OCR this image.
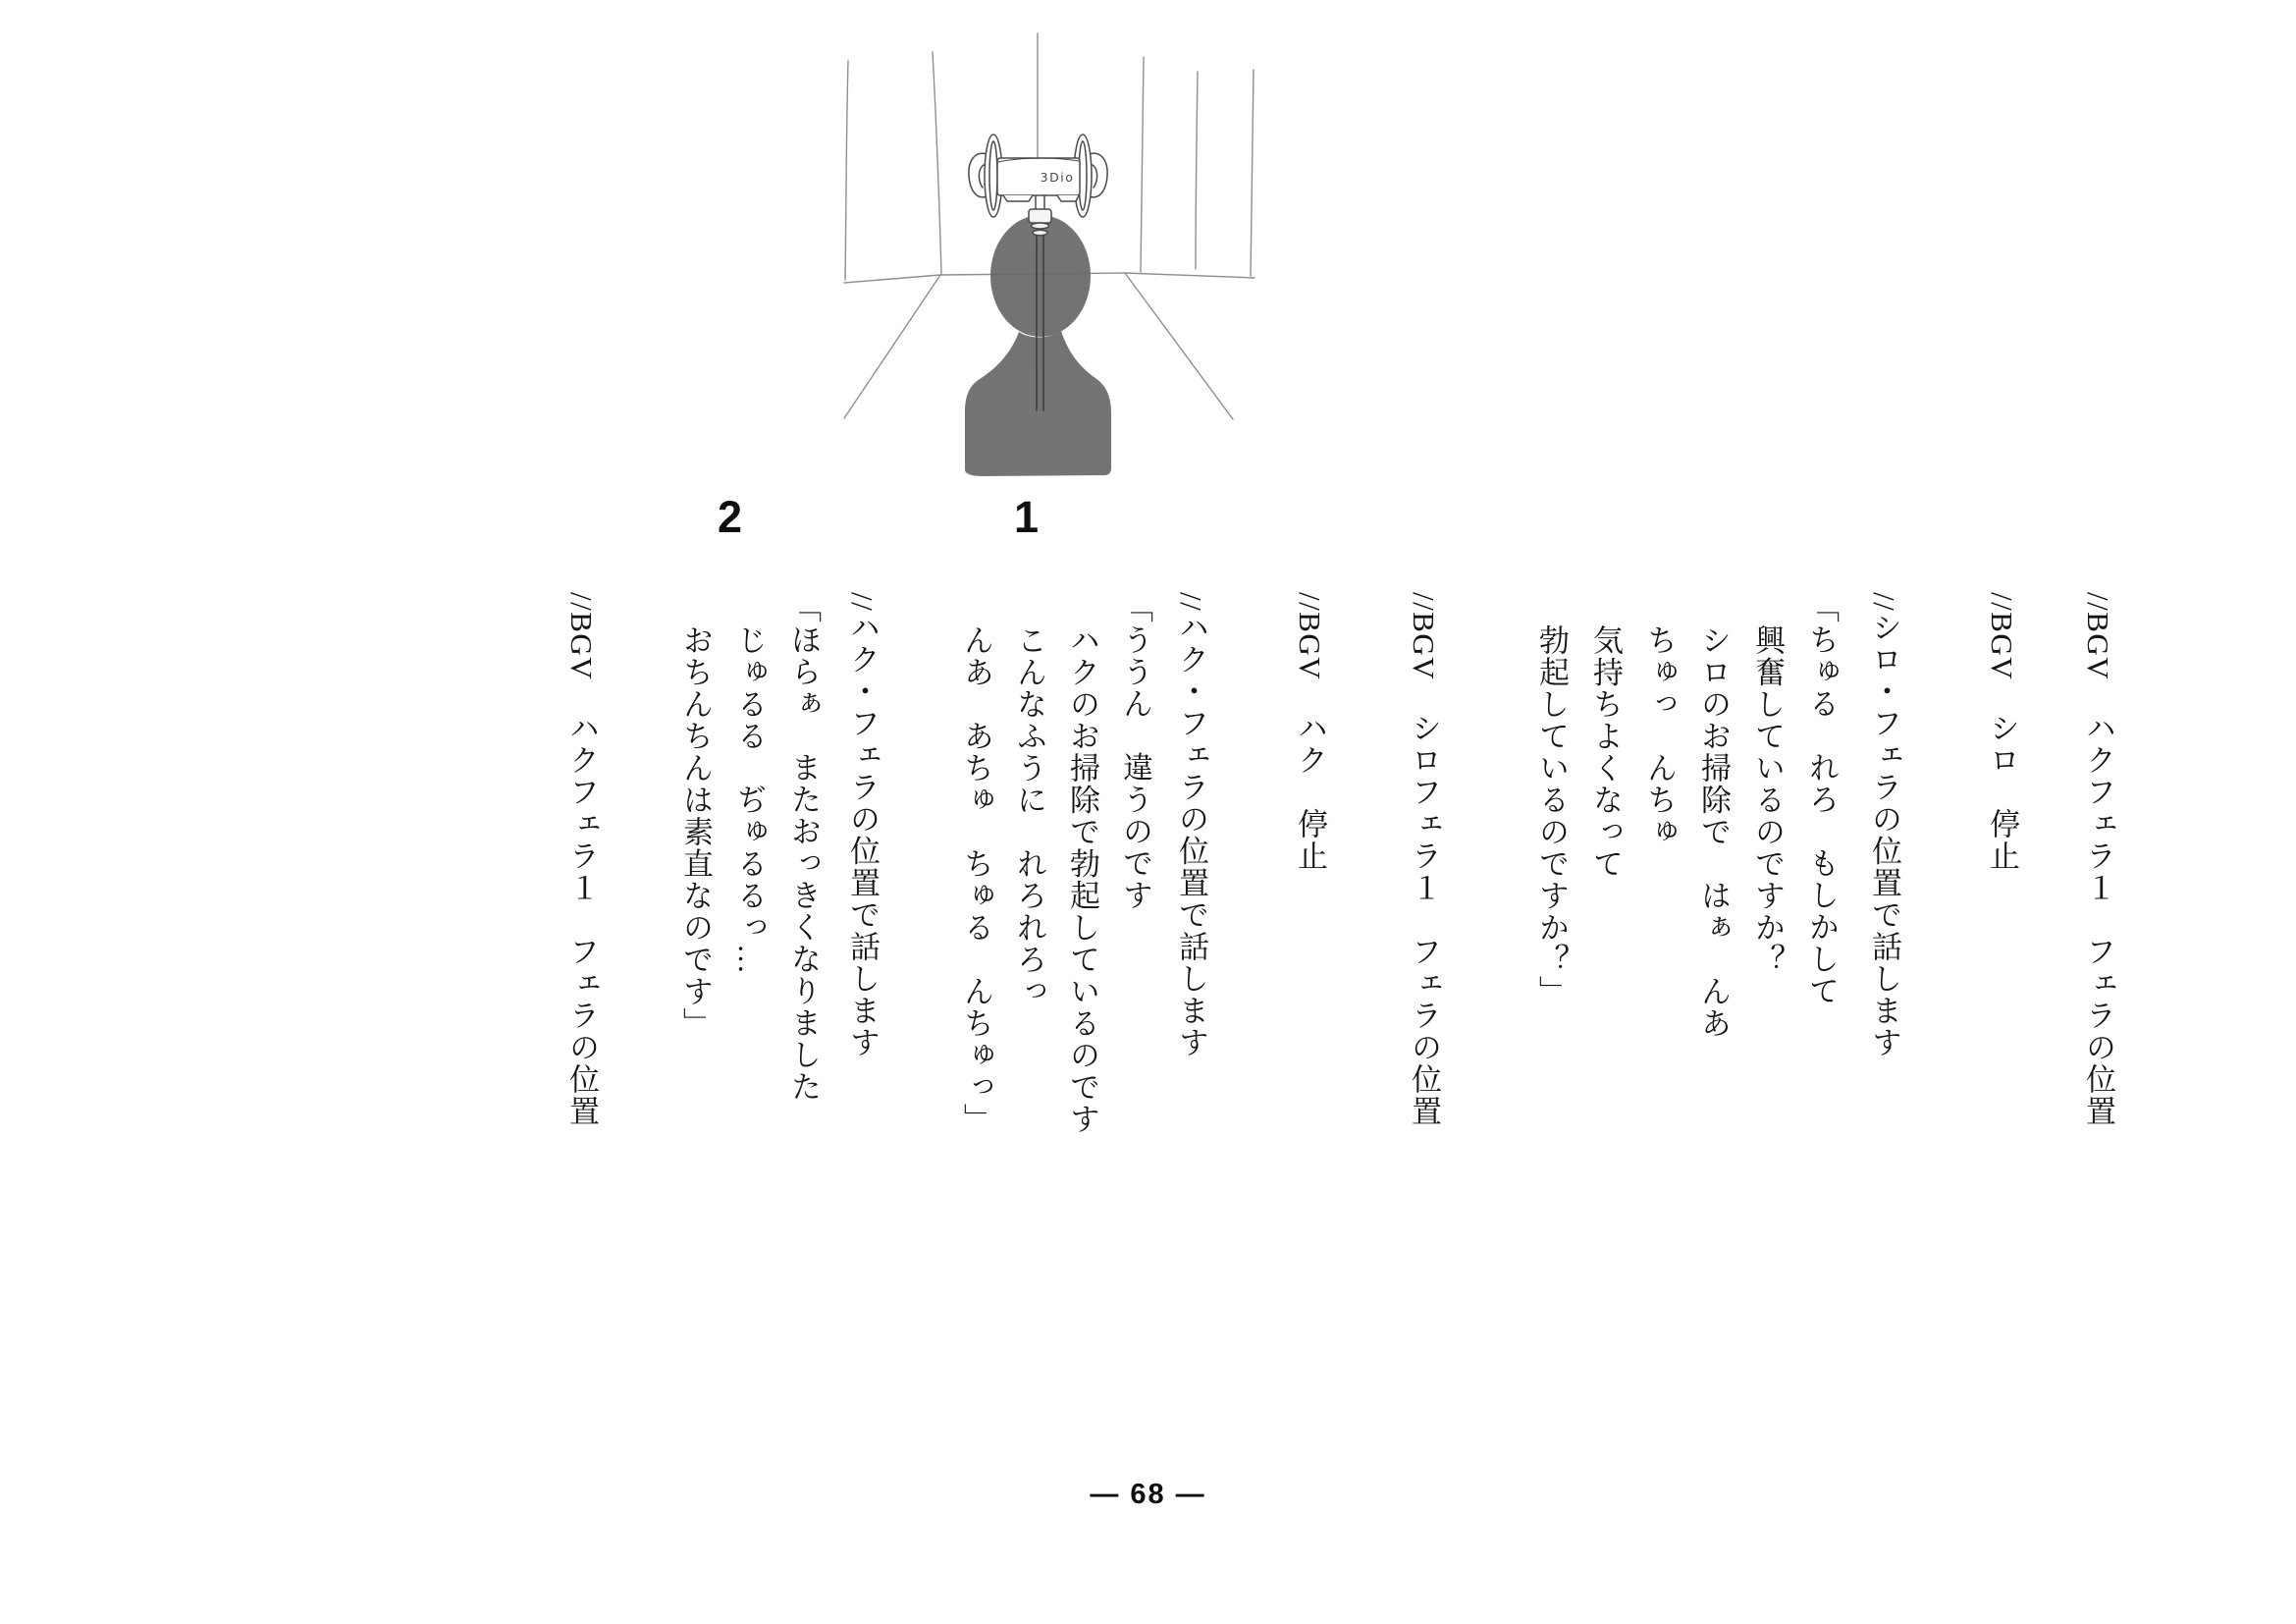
3Dio
2	1
//BGV　ハクフェラ１　フェラの位置
//BGV　シロ　停止
//シロ・フェラの位置で話します
「ちゅる　れろ　もしかして
興奮しているのですか？
シロのお掃除で　はぁ　んあ
ちゅっ　んちゅ
気持ちよくなって
勃起しているのですか？」
//BGV　シロフェラ１　フェラの位置
//BGV　ハク　停止
//ハク・フェラの位置で話します
「ううん　違うのです
ハクのお掃除で勃起しているのです
こんなふうに　れろれろっ
んあ　あちゅ　ちゅる　んちゅっ」
//ハク・フェラの位置で話します
「ほらぁ　またおっきくなりました
じゅるる　ぢゅるるっ…
おちんちんは素直なのです」
//BGV　ハクフェラ１　フェラの位置
— 68 —
